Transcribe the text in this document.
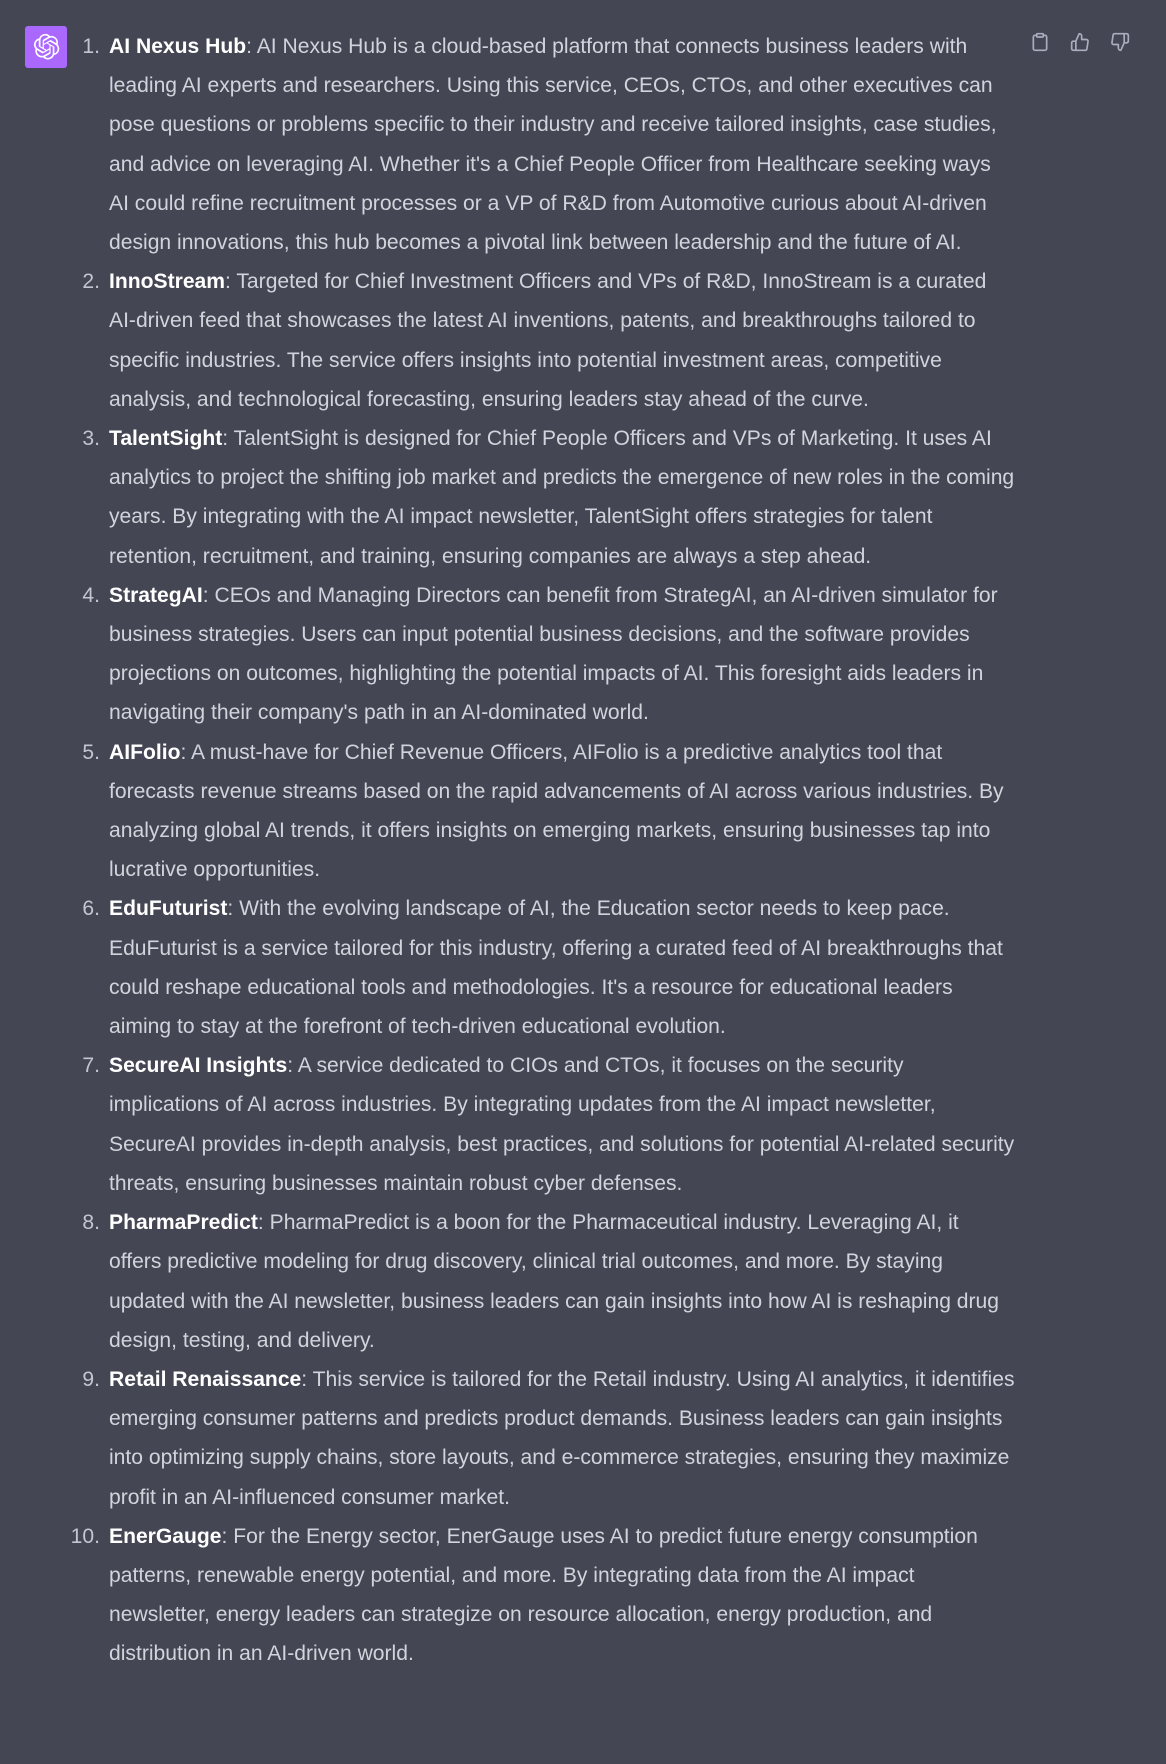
1. AI Nexus Hub: AI Nexus Hub is a cloud-based platform that connects business leaders with leading AI experts and researchers. Using this service, CEOs, CTOs, and other executives can pose questions or problems specific to their industry and receive tailored insights, case studies, and advice on leveraging AI. Whether it's a Chief People Officer from Healthcare seeking ways AI could refine recruitment processes or a VP of R&D from Automotive curious about AI-driven design innovations, this hub becomes a pivotal link between leadership and the future of AI.
2. InnoStream: Targeted for Chief Investment Officers and VPs of R&D, InnoStream is a curated AI-driven feed that showcases the latest AI inventions, patents, and breakthroughs tailored to specific industries. The service offers insights into potential investment areas, competitive analysis, and technological forecasting, ensuring leaders stay ahead of the curve.
3. TalentSight: TalentSight is designed for Chief People Officers and VPs of Marketing. It uses AI analytics to project the shifting job market and predicts the emergence of new roles in the coming years. By integrating with the AI impact newsletter, TalentSight offers strategies for talent retention, recruitment, and training, ensuring companies are always a step ahead.
4. StrategAI: CEOs and Managing Directors can benefit from StrategAI, an AI-driven simulator for business strategies. Users can input potential business decisions, and the software provides projections on outcomes, highlighting the potential impacts of AI. This foresight aids leaders in navigating their company's path in an AI-dominated world.
5. AIFolio: A must-have for Chief Revenue Officers, AIFolio is a predictive analytics tool that forecasts revenue streams based on the rapid advancements of AI across various industries. By analyzing global AI trends, it offers insights on emerging markets, ensuring businesses tap into lucrative opportunities.
6. EduFuturist: With the evolving landscape of AI, the Education sector needs to keep pace. EduFuturist is a service tailored for this industry, offering a curated feed of AI breakthroughs that could reshape educational tools and methodologies. It's a resource for educational leaders aiming to stay at the forefront of tech-driven educational evolution.
7. SecureAI Insights: A service dedicated to CIOs and CTOs, it focuses on the security implications of AI across industries. By integrating updates from the AI impact newsletter, SecureAI provides in-depth analysis, best practices, and solutions for potential AI-related security threats, ensuring businesses maintain robust cyber defenses.
8. PharmaPredict: PharmaPredict is a boon for the Pharmaceutical industry. Leveraging AI, it offers predictive modeling for drug discovery, clinical trial outcomes, and more. By staying updated with the AI newsletter, business leaders can gain insights into how AI is reshaping drug design, testing, and delivery.
9. Retail Renaissance: This service is tailored for the Retail industry. Using AI analytics, it identifies emerging consumer patterns and predicts product demands. Business leaders can gain insights into optimizing supply chains, store layouts, and e-commerce strategies, ensuring they maximize profit in an AI-influenced consumer market.
10. EnerGauge: For the Energy sector, EnerGauge uses AI to predict future energy consumption patterns, renewable energy potential, and more. By integrating data from the AI impact newsletter, energy leaders can strategize on resource allocation, energy production, and distribution in an AI-driven world.
